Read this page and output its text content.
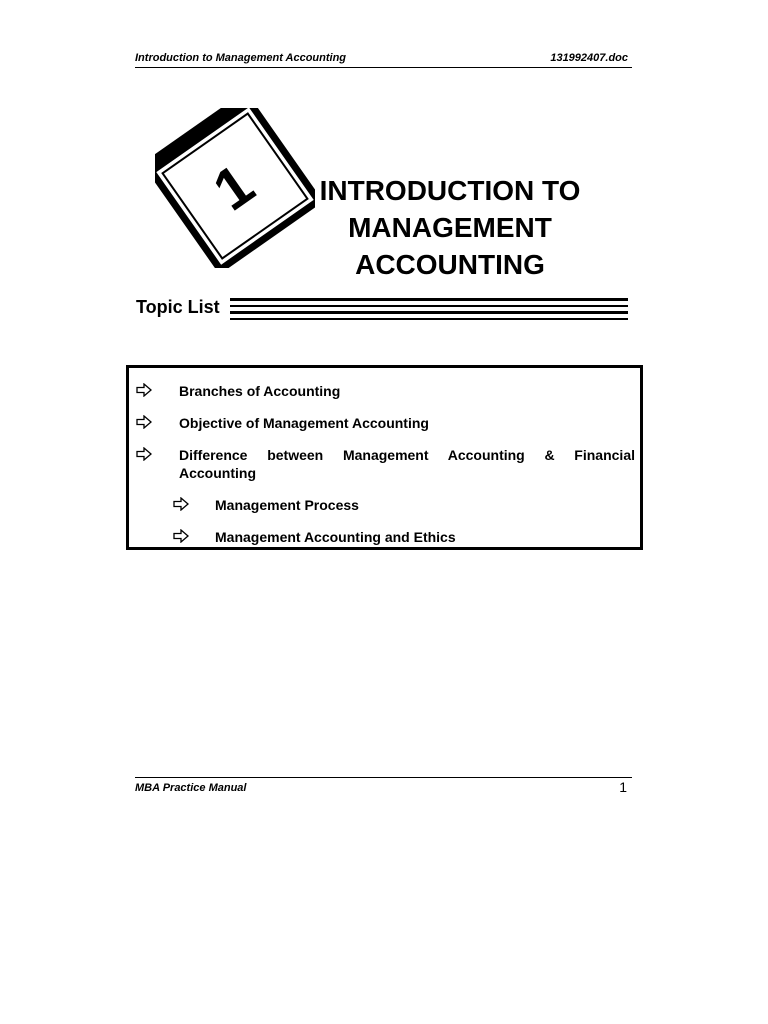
Introduction to Management Accounting	131992407.doc
1	INTRODUCTION TO
MANAGEMENT
ACCOUNTING
Topic List
Branches of Accounting
Objective of Management Accounting
Difference between Management Accounting & Financial Accounting
Management Process
Management Accounting and Ethics
MBA Practice Manual	1
